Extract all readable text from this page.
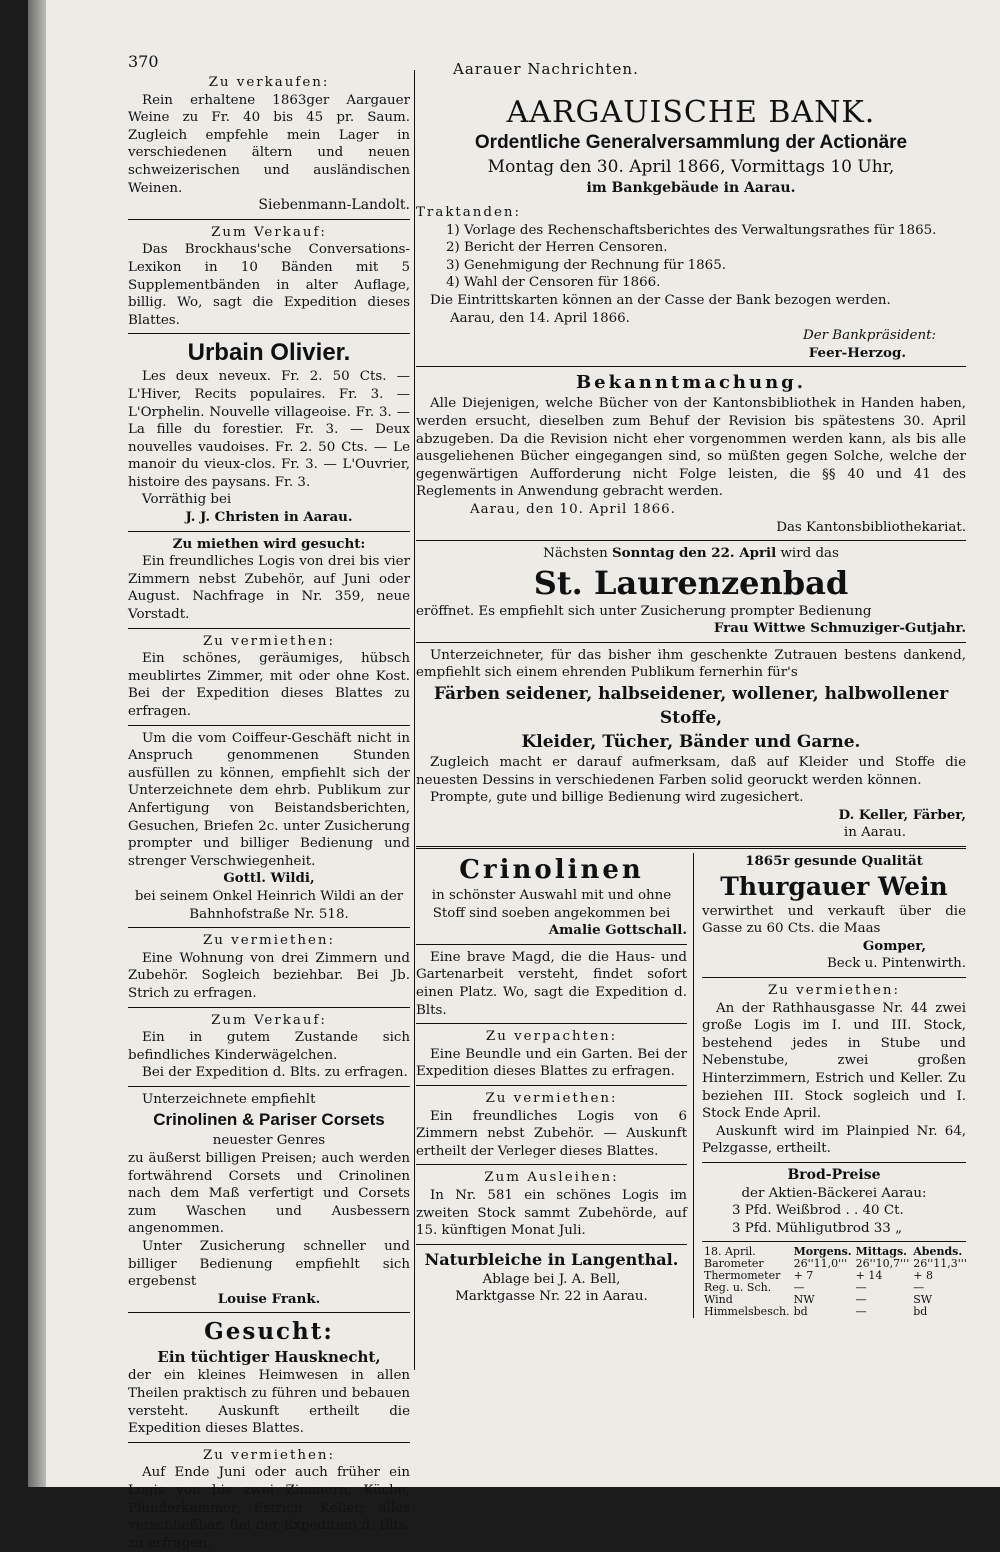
370	Aarauer Nachrichten.

Zu verkaufen:

Rein erhaltene 1863ger Aargauer Weine zu Fr. 40 bis 45 pr. Saum. Zugleich empfehle mein Lager in verschiedenen ältern und neuen schweizerischen und ausländischen Weinen.

Siebenmann-Landolt.

Zum Verkauf:

Das Brockhaus'sche Conversations-Lexikon in 10 Bänden mit 5 Supplementbänden in alter Auflage, billig. Wo, sagt die Expedition dieses Blattes.

Urbain Olivier.

Les deux neveux. Fr. 2. 50 Cts. — L'Hiver, Recits populaires. Fr. 3. — L'Orphelin. Nouvelle villageoise. Fr. 3. — La fille du forestier. Fr. 3. — Deux nouvelles vaudoises. Fr. 2. 50 Cts. — Le manoir du vieux-clos. Fr. 3. — L'Ouvrier, histoire des paysans. Fr. 3.

Vorräthig bei

J. J. Christen in Aarau.

Zu miethen wird gesucht:

Ein freundliches Logis von drei bis vier Zimmern nebst Zubehör, auf Juni oder August. Nachfrage in Nr. 359, neue Vorstadt.

Zu vermiethen:

Ein schönes, geräumiges, hübsch meublirtes Zimmer, mit oder ohne Kost. Bei der Expedition dieses Blattes zu erfragen.

Um die vom Coiffeur-Geschäft nicht in Anspruch genommenen Stunden ausfüllen zu können, empfiehlt sich der Unterzeichnete dem ehrb. Publikum zur Anfertigung von Beistandsberichten, Gesuchen, Briefen 2c. unter Zusicherung prompter und billiger Bedienung und strenger Verschwiegenheit.

Gottl. Wildi,

bei seinem Onkel Heinrich Wildi an der Bahnhofstraße Nr. 518.

Zu vermiethen:

Eine Wohnung von drei Zimmern und Zubehör. Sogleich beziehbar. Bei Jb. Strich zu erfragen.

Zum Verkauf:

Ein in gutem Zustande sich befindliches Kinderwägelchen.

Bei der Expedition d. Blts. zu erfragen.

Unterzeichnete empfiehlt

Crinolinen & Pariser Corsets

neuester Genres

zu äußerst billigen Preisen; auch werden fortwährend Corsets und Crinolinen nach dem Maß verfertigt und Corsets zum Waschen und Ausbessern angenommen.

Unter Zusicherung schneller und billiger Bedienung empfiehlt sich ergebenst

Louise Frank.

Gesucht:

Ein tüchtiger Hausknecht,

der ein kleines Heimwesen in allen Theilen praktisch zu führen und bebauen versteht. Auskunft ertheilt die Expedition dieses Blattes.

Zu vermiethen:

Auf Ende Juni oder auch früher ein Logis von bis zwei Zimmern, Küche, Plunderkammer, Estrich, Keller; alles verschließbar. Bei der Expedition d. Blts. zu erfragen.

AARGAUISCHE BANK.

Ordentliche Generalversammlung der Actionäre

Montag den 30. April 1866, Vormittags 10 Uhr,

im Bankgebäude in Aarau.

Traktanden:

1) Vorlage des Rechenschaftsberichtes des Verwaltungsrathes für 1865.

2) Bericht der Herren Censoren.

3) Genehmigung der Rechnung für 1865.

4) Wahl der Censoren für 1866.

Die Eintrittskarten können an der Casse der Bank bezogen werden.

Aarau, den 14. April 1866.

Der Bankpräsident:

Feer-Herzog.

Bekanntmachung.

Alle Diejenigen, welche Bücher von der Kantonsbibliothek in Handen haben, werden ersucht, dieselben zum Behuf der Revision bis spätestens 30. April abzugeben. Da die Revision nicht eher vorgenommen werden kann, als bis alle ausgeliehenen Bücher eingegangen sind, so müßten gegen Solche, welche der gegenwärtigen Aufforderung nicht Folge leisten, die §§ 40 und 41 des Reglements in Anwendung gebracht werden.

Aarau, den 10. April 1866.

Das Kantonsbibliothekariat.

Nächsten Sonntag den 22. April wird das

St. Laurenzenbad

eröffnet. Es empfiehlt sich unter Zusicherung prompter Bedienung

Frau Wittwe Schmuziger-Gutjahr.

Unterzeichneter, für das bisher ihm geschenkte Zutrauen bestens dankend, empfiehlt sich einem ehrenden Publikum fernerhin für's

Färben seidener, halbseidener, wollener, halbwollener Stoffe,

Kleider, Tücher, Bänder und Garne.

Zugleich macht er darauf aufmerksam, daß auf Kleider und Stoffe die neuesten Dessins in verschiedenen Farben solid georuckt werden können.

Prompte, gute und billige Bedienung wird zugesichert.

D. Keller, Färber,

in Aarau.

Crinolinen

in schönster Auswahl mit und ohne Stoff sind soeben angekommen bei

Amalie Gottschall.

Eine brave Magd, die die Haus- und Gartenarbeit versteht, findet sofort einen Platz. Wo, sagt die Expedition d. Blts.

Zu verpachten:

Eine Beundle und ein Garten. Bei der Expedition dieses Blattes zu erfragen.

Zu vermiethen:

Ein freundliches Logis von 6 Zimmern nebst Zubehör. — Auskunft ertheilt der Verleger dieses Blattes.

Zum Ausleihen:

In Nr. 581 ein schönes Logis im zweiten Stock sammt Zubehörde, auf 15. künftigen Monat Juli.

Naturbleiche in Langenthal.

Ablage bei J. A. Bell,

Marktgasse Nr. 22 in Aarau.

1865r gesunde Qualität

Thurgauer Wein

verwirthet und verkauft über die Gasse zu 60 Cts. die Maas

Gomper,

Beck u. Pintenwirth.

Zu vermiethen:

An der Rathhausgasse Nr. 44 zwei große Logis im I. und III. Stock, bestehend jedes in Stube und Nebenstube, zwei großen Hinterzimmern, Estrich und Keller. Zu beziehen III. Stock sogleich und I. Stock Ende April.

Auskunft wird im Plainpied Nr. 64, Pelzgasse, ertheilt.

Brod-Preise

der Aktien-Bäckerei Aarau:

3 Pfd. Weißbrod . . 40 Ct.

3 Pfd. Mühligutbrod 33 „

18. April.	Morgens.	Mittags.	Abends.
Barometer	26''11,0'''	26''10,7'''	26''11,3'''
Thermometer	+ 7	+ 14	+ 8
Reg. u. Sch.	—	—	—
Wind	NW	—	SW
Himmelsbesch.	bd	—	bd
